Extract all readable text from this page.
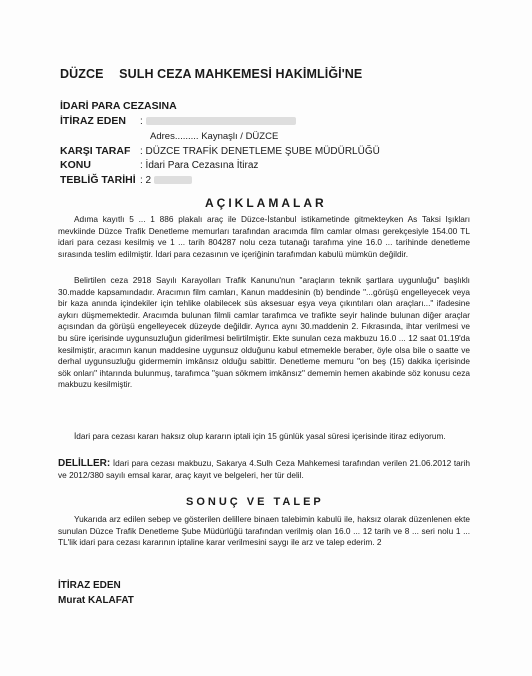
DÜZCE SULH CEZA MAHKEMESİ HAKİMLİĞİ'NE
İDARİ PARA CEZASINA
İTİRAZ EDEN :
Adres......... Kaynaşlı / DÜZCE
KARŞI TARAF : DÜZCE TRAFİK DENETLEME ŞUBE MÜDÜRLÜĞÜ
KONU	: İdari Para Cezasına İtiraz
TEBLİĞ TARİHİ : 2
AÇIKLAMALAR
Adıma kayıtlı 5 ... 1 886 plakalı araç ile Düzce-İstanbul istikametinde gitmekteyken As Taksi Işıkları mevkiinde Düzce Trafik Denetleme memurları tarafından aracımda film camlar olması gerekçesiyle 154.00 TL idari para cezası kesilmiş ve 1 ... tarih 804287 nolu ceza tutanağı tarafıma yine 16.0 ... tarihinde denetleme sırasında teslim edilmiştir. İdari para cezasının ve içeriğinin tarafımdan kabulü mümkün değildir.
Belirtilen ceza 2918 Sayılı Karayolları Trafik Kanunu'nun "araçların teknik şartlara uygunluğu" başlıklı 30.madde kapsamındadır. Aracımın film camları, Kanun maddesinin (b) bendinde "...görüşü engelleyecek veya bir kaza anında içindekiler için tehlike olabilecek süs aksesuar eşya veya çıkıntıları olan araçları..." ifadesine aykırı düşmemektedir. Aracımda bulunan filmli camlar tarafımca ve trafikte seyir halinde bulunan diğer araçlar açısından da görüşü engelleyecek düzeyde değildir. Ayrıca aynı 30.maddenin 2. Fıkrasında, ihtar verilmesi ve bu süre içerisinde uygunsuzluğun giderilmesi belirtilmiştir. Ekte sunulan ceza makbuzu 16.0 ... 12 saat 01.19'da kesilmiştir, aracımın kanun maddesine uygunsuz olduğunu kabul etmemekle beraber, öyle olsa bile o saatte ve derhal uygunsuzluğu gidermemin imkânsız olduğu sabittir. Denetleme memuru "on beş (15) dakika içerisinde sök onları" ihtarında bulunmuş, tarafımca "şuan sökmem imkânsız" dememin hemen akabinde söz konusu ceza makbuzu kesilmiştir.
İdari para cezası kararı haksız olup kararın iptali için 15 günlük yasal süresi içerisinde itiraz ediyorum.
DELİLLER: İdari para cezası makbuzu, Sakarya 4.Sulh Ceza Mahkemesi tarafından verilen 21.06.2012 tarih ve 2012/380 sayılı emsal karar, araç kayıt ve belgeleri, her tür delil.
SONUÇ VE TALEP
Yukarıda arz edilen sebep ve gösterilen delillere binaen talebimin kabulü ile, haksız olarak düzenlenen ekte sunulan Düzce Trafik Denetleme Şube Müdürlüğü tarafından verilmiş olan 16.0 ... 12 tarih ve 8 ... seri nolu 1 ... TL'lik idari para cezası kararının iptaline karar verilmesini saygı ile arz ve talep ederim. 2
İTİRAZ EDEN
Murat KALAFAT
